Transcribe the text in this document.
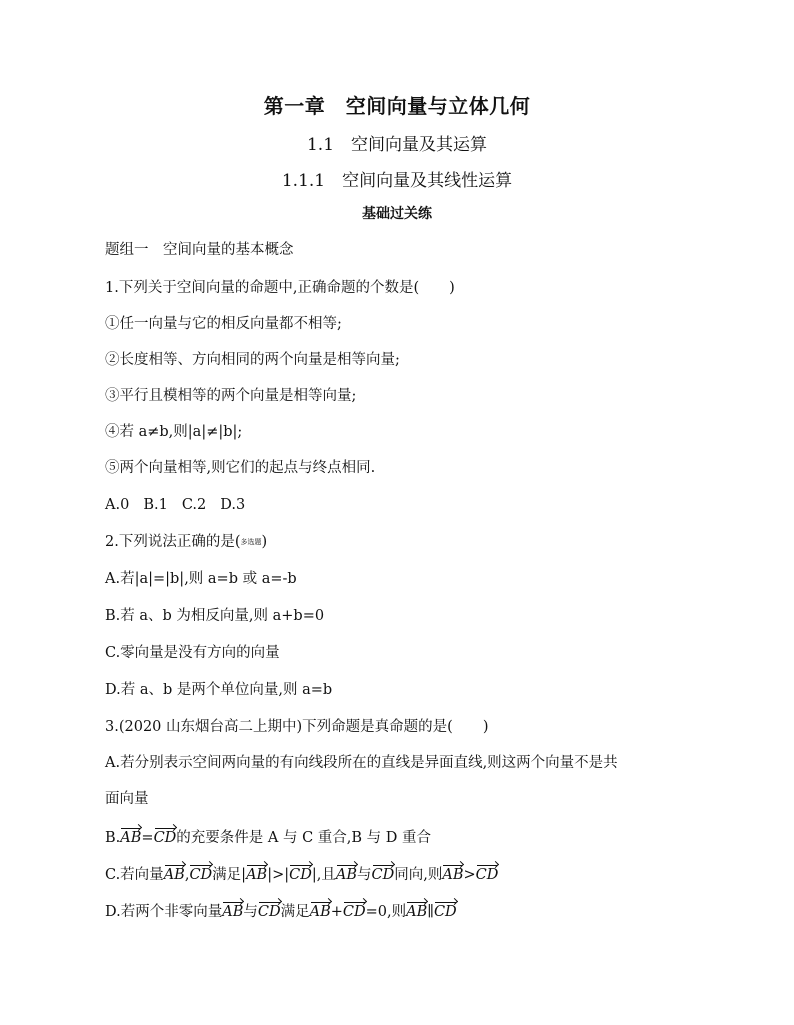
第一章　空间向量与立体几何
1.1　空间向量及其运算
1.1.1　空间向量及其线性运算
基础过关练
题组一　空间向量的基本概念
1.下列关于空间向量的命题中,正确命题的个数是( )
①任一向量与它的相反向量都不相等;
②长度相等、方向相同的两个向量是相等向量;
③平行且模相等的两个向量是相等向量;
④若 a≠b,则|a|≠|b|;
⑤两个向量相等,则它们的起点与终点相同.
A.0 B.1 C.2 D.3
2.下列说法正确的是(多选题)
A.若|a|=|b|,则 a=b 或 a=-b
B.若 a、b 为相反向量,则 a+b=0
C.零向量是没有方向的向量
D.若 a、b 是两个单位向量,则 a=b
3.(2020 山东烟台高二上期中)下列命题是真命题的是( )
A.若分别表示空间两向量的有向线段所在的直线是异面直线,则这两个向量不是共
面向量
B.AB=CD的充要条件是 A 与 C 重合,B 与 D 重合
C.若向量AB,CD满足|AB|>|CD|,且AB与CD同向,则AB>CD
D.若两个非零向量AB与CD满足AB+CD=0,则AB∥CD
